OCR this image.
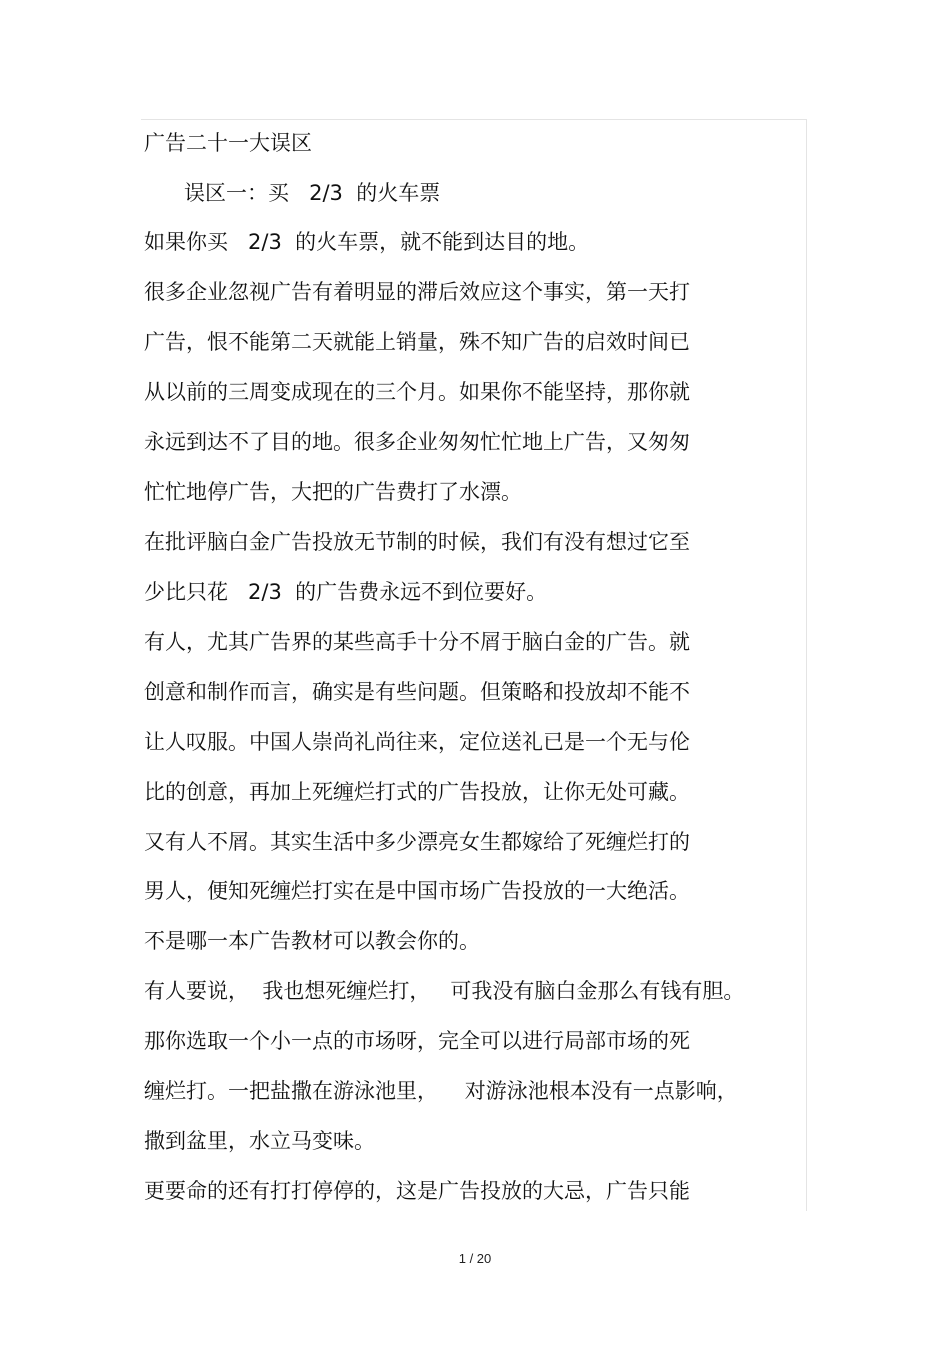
广告二十一大误区
误区一：买   2/3  的火车票
如果你买   2/3  的火车票，就不能到达目的地。
很多企业忽视广告有着明显的滞后效应这个事实，第一天打
广告，恨不能第二天就能上销量，殊不知广告的启效时间已
从以前的三周变成现在的三个月。如果你不能坚持，那你就
永远到达不了目的地。很多企业匆匆忙忙地上广告，又匆匆
忙忙地停广告，大把的广告费打了水漂。
在批评脑白金广告投放无节制的时候，我们有没有想过它至
少比只花   2/3  的广告费永远不到位要好。
有人，尤其广告界的某些高手十分不屑于脑白金的广告。就
创意和制作而言，确实是有些问题。但策略和投放却不能不
让人叹服。中国人崇尚礼尚往来，定位送礼已是一个无与伦
比的创意，再加上死缠烂打式的广告投放，让你无处可藏。
又有人不屑。其实生活中多少漂亮女生都嫁给了死缠烂打的
男人，便知死缠烂打实在是中国市场广告投放的一大绝活。
不是哪一本广告教材可以教会你的。
有人要说，  我也想死缠烂打，   可我没有脑白金那么有钱有胆。
那你选取一个小一点的市场呀，完全可以进行局部市场的死
缠烂打。一把盐撒在游泳池里，    对游泳池根本没有一点影响，
撒到盆里，水立马变味。
更要命的还有打打停停的，这是广告投放的大忌，广告只能
1 / 20
